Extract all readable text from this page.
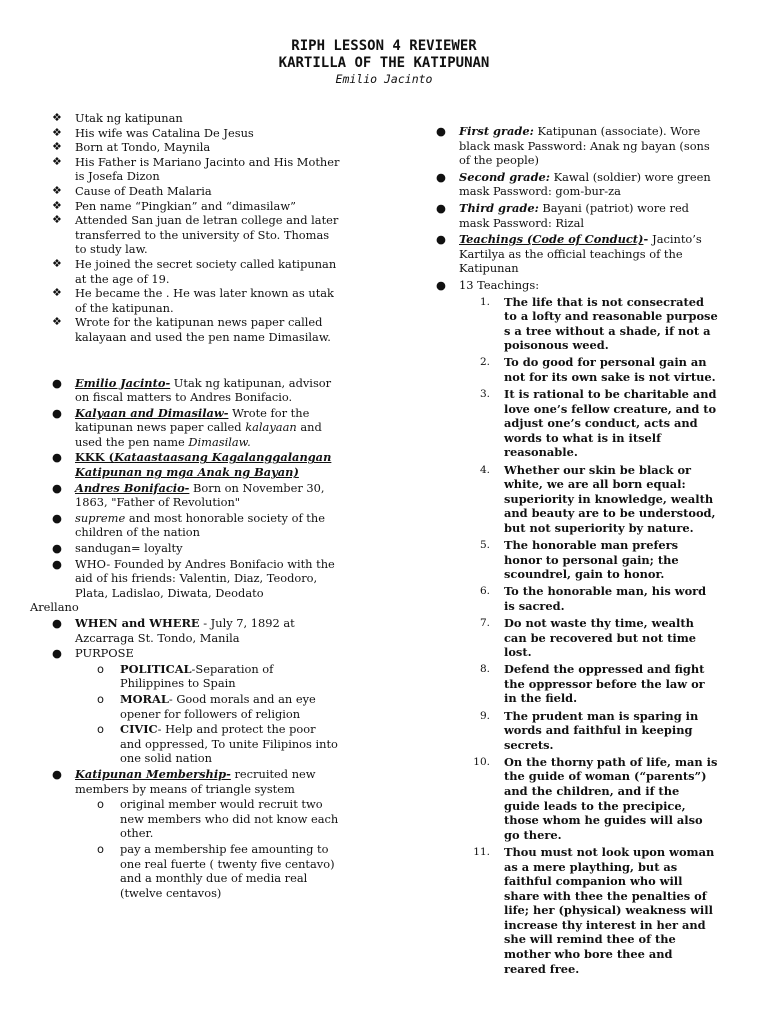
RIPH LESSON 4 REVIEWER
KARTILLA OF THE KATIPUNAN
Emilio Jacinto
❖ Utak ng katipunan
❖ His wife was Catalina De Jesus
❖ Born at Tondo, Maynila
❖ His Father is Mariano Jacinto and His Mother is Josefa Dizon
❖ Cause of Death Malaria
❖ Pen name “Pingkian” and “dimasilaw”
❖ Attended San juan de letran college and later transferred to the university of Sto. Thomas to study law.
❖ He joined the secret society called katipunan at the age of 19.
❖ He became the . He was later known as utak of the katipunan.
❖ Wrote for the katipunan news paper called kalayaan and used the pen name Dimasilaw.
● Emilio Jacinto- Utak ng katipunan, advisor on fiscal matters to Andres Bonifacio.
● Kalyaan and Dimasilaw- Wrote for the katipunan news paper called kalayaan and used the pen name Dimasilaw.
● KKK (Kataastaasang Kagalanggalangan Katipunan ng mga Anak ng Bayan)
● Andres Bonifacio- Born on November 30, 1863, "Father of Revolution"
● supreme and most honorable society of the children of the nation
● sandugan= loyalty
● WHO- Founded by Andres Bonifacio with the aid of his friends: Valentin, Diaz, Teodoro, Plata, Ladislao, Diwata, Deodato
Arellano
● WHEN and WHERE - July 7, 1892 at Azcarraga St. Tondo, Manila
● PURPOSE
o POLITICAL-Separation of Philippines to Spain
o MORAL- Good morals and an eye opener for followers of religion
o CIVIC- Help and protect the poor and oppressed, To unite Filipinos into one solid nation
● Katipunan Membership- recruited new members by means of triangle system
o original member would recruit two new members who did not know each other.
o pay a membership fee amounting to one real fuerte ( twenty five centavo) and a monthly due of media real (twelve centavos)
● First grade: Katipunan (associate). Wore black mask Password: Anak ng bayan (sons of the people)
● Second grade: Kawal (soldier) wore green mask Password: gom-bur-za
● Third grade: Bayani (patriot) wore red mask Password: Rizal
● Teachings (Code of Conduct)- Jacinto’s Kartilya as the official teachings of the Katipunan
● 13 Teachings:
1. The life that is not consecrated to a lofty and reasonable purpose s a tree without a shade, if not a poisonous weed.
2. To do good for personal gain an not for its own sake is not virtue.
3. It is rational to be charitable and love one’s fellow creature, and to adjust one’s conduct, acts and words to what is in itself reasonable.
4. Whether our skin be black or white, we are all born equal: superiority in knowledge, wealth and beauty are to be understood, but not superiority by nature.
5. The honorable man prefers honor to personal gain; the scoundrel, gain to honor.
6. To the honorable man, his word is sacred.
7. Do not waste thy time, wealth can be recovered but not time lost.
8. Defend the oppressed and fight the oppressor before the law or in the field.
9. The prudent man is sparing in words and faithful in keeping secrets.
10. On the thorny path of life, man is the guide of woman (“parents”) and the children, and if the guide leads to the precipice, those whom he guides will also go there.
11. Thou must not look upon woman as a mere plaything, but as faithful companion who will share with thee the penalties of life; her (physical) weakness will increase thy interest in her and she will remind thee of the mother who bore thee and reared free.
